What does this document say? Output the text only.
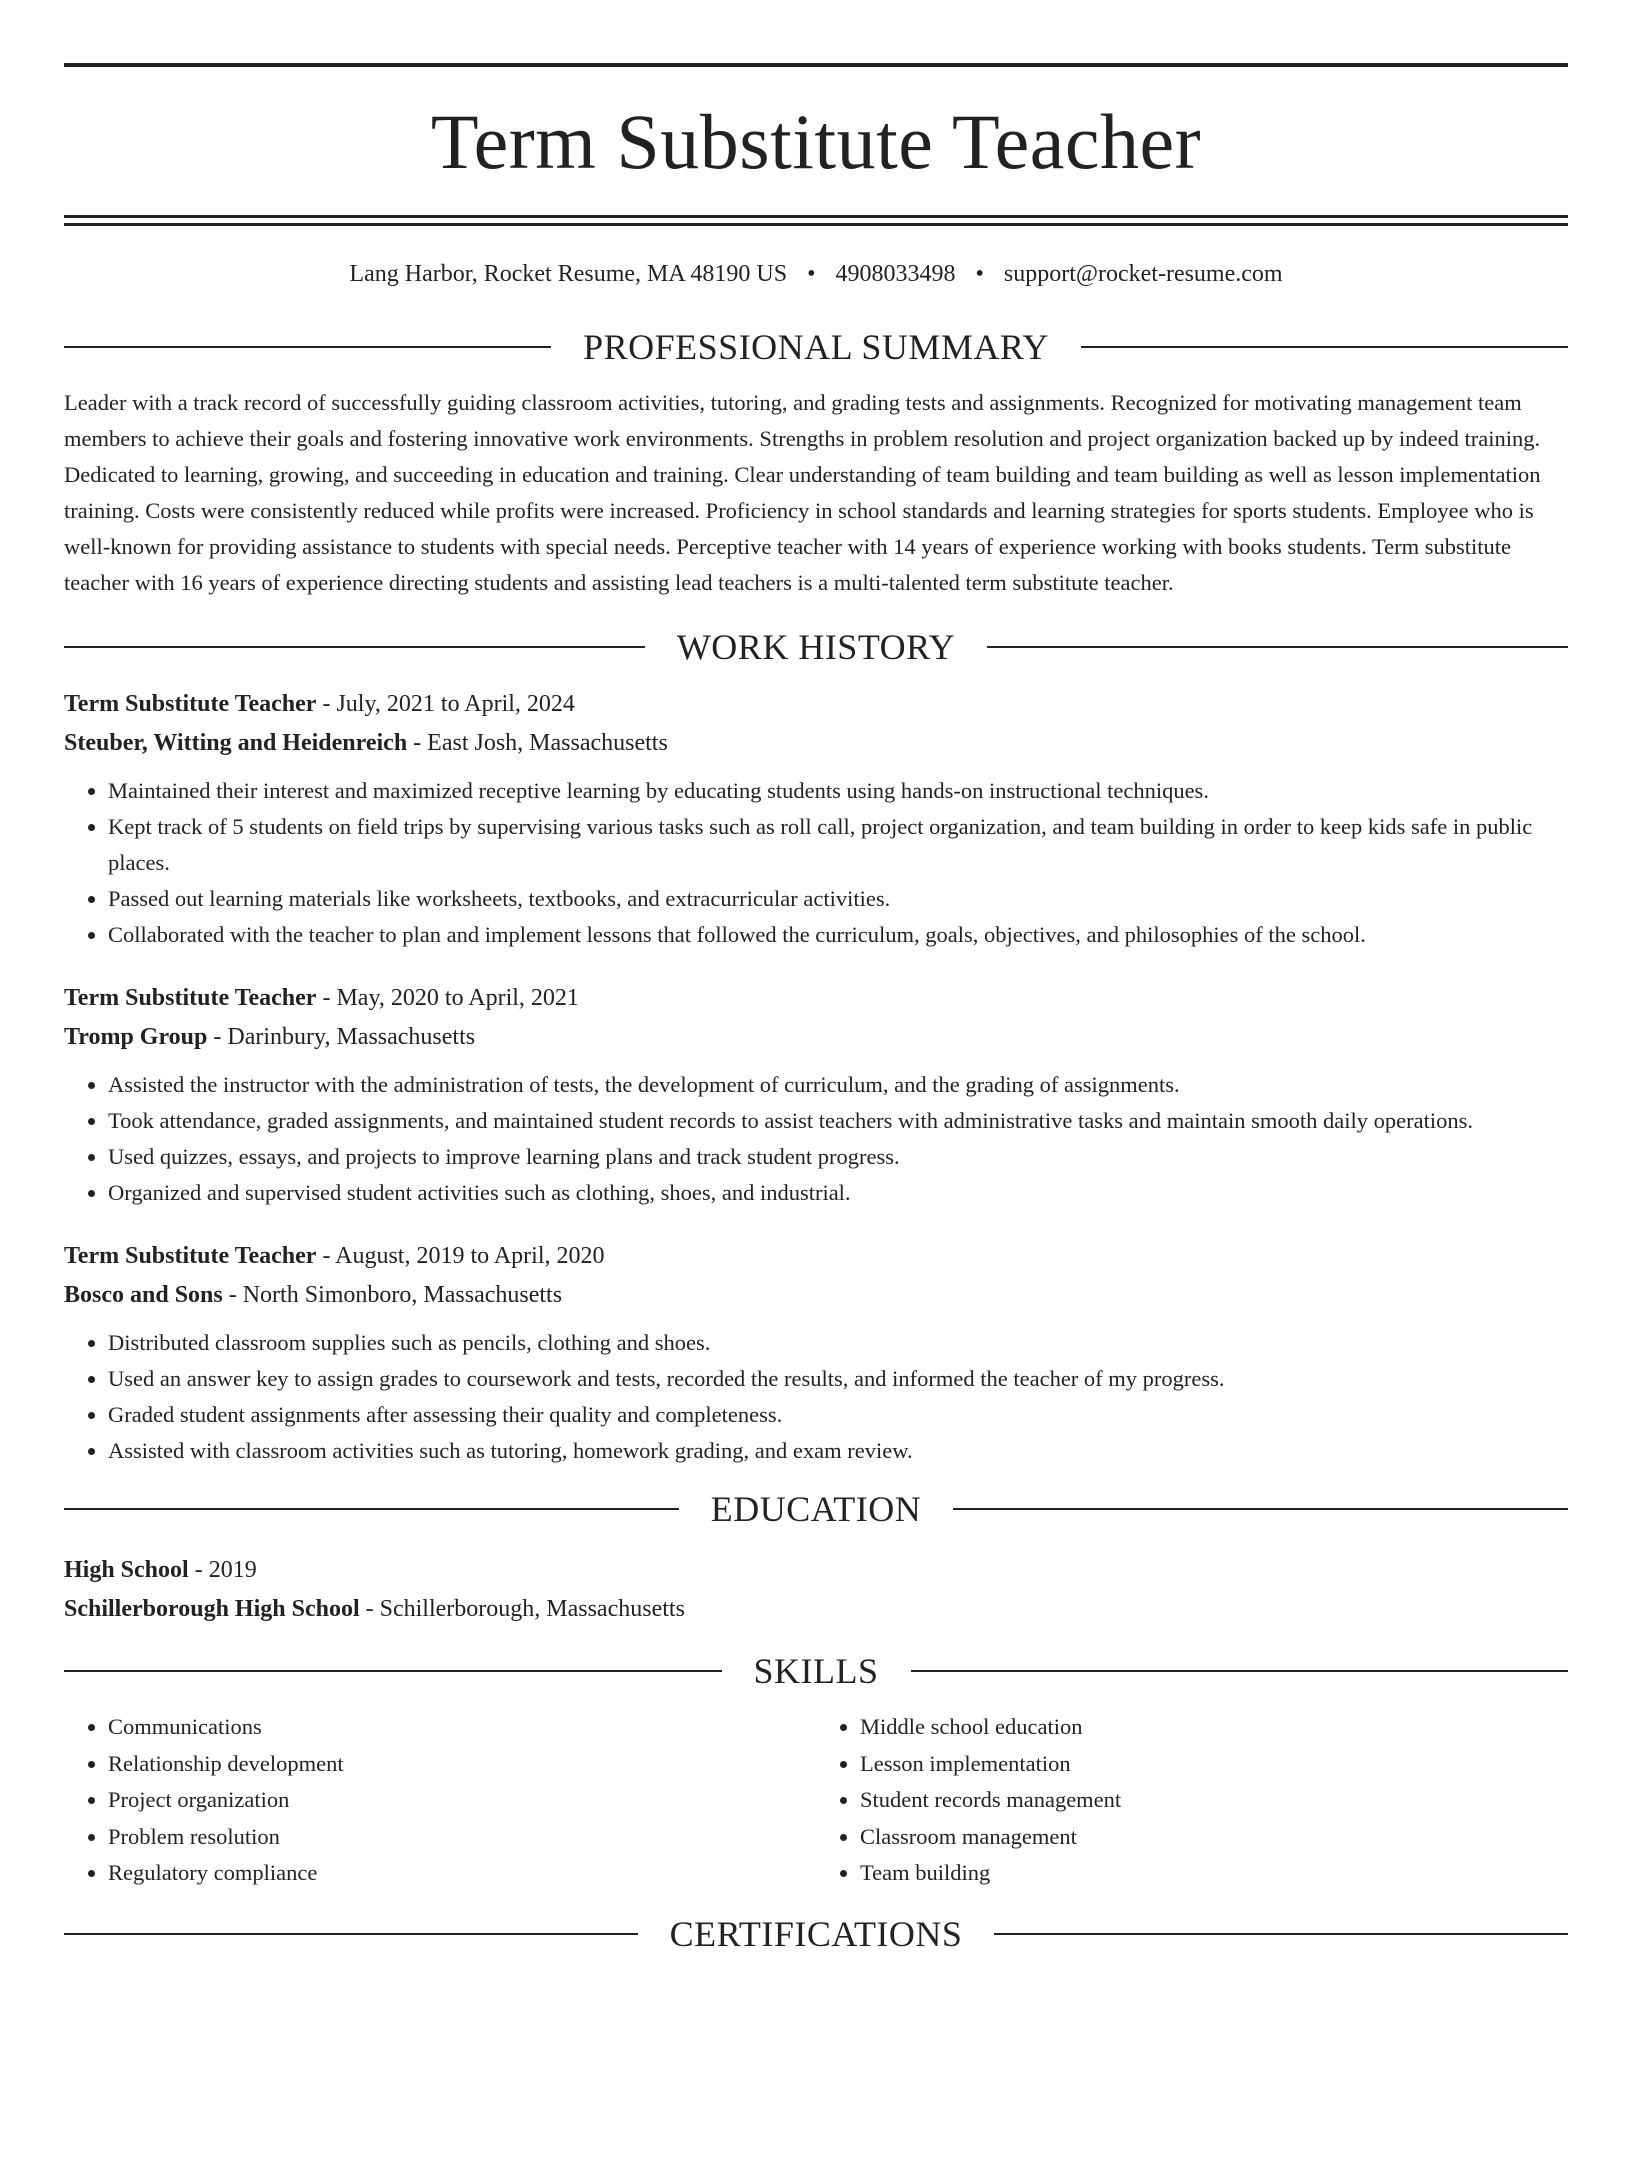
Term Substitute Teacher
Lang Harbor, Rocket Resume, MA 48190 US • 4908033498 • support@rocket-resume.com
PROFESSIONAL SUMMARY

Leader with a track record of successfully guiding classroom activities, tutoring, and grading tests and assignments. Recognized for motivating management team members to achieve their goals and fostering innovative work environments. Strengths in problem resolution and project organization backed up by indeed training. Dedicated to learning, growing, and succeeding in education and training. Clear understanding of team building and team building as well as lesson implementation training. Costs were consistently reduced while profits were increased. Proficiency in school standards and learning strategies for sports students. Employee who is well-known for providing assistance to students with special needs. Perceptive teacher with 14 years of experience working with books students. Term substitute teacher with 16 years of experience directing students and assisting lead teachers is a multi-talented term substitute teacher.

WORK HISTORY
Term Substitute Teacher - July, 2021 to April, 2024
Steuber, Witting and Heidenreich - East Josh, Massachusetts
• Maintained their interest and maximized receptive learning by educating students using hands-on instructional techniques.
• Kept track of 5 students on field trips by supervising various tasks such as roll call, project organization, and team building in order to keep kids safe in public places.
• Passed out learning materials like worksheets, textbooks, and extracurricular activities.
• Collaborated with the teacher to plan and implement lessons that followed the curriculum, goals, objectives, and philosophies of the school.
Term Substitute Teacher - May, 2020 to April, 2021
Tromp Group - Darinbury, Massachusetts
• Assisted the instructor with the administration of tests, the development of curriculum, and the grading of assignments.
• Took attendance, graded assignments, and maintained student records to assist teachers with administrative tasks and maintain smooth daily operations.
• Used quizzes, essays, and projects to improve learning plans and track student progress.
• Organized and supervised student activities such as clothing, shoes, and industrial.
Term Substitute Teacher - August, 2019 to April, 2020
Bosco and Sons - North Simonboro, Massachusetts
• Distributed classroom supplies such as pencils, clothing and shoes.
• Used an answer key to assign grades to coursework and tests, recorded the results, and informed the teacher of my progress.
• Graded student assignments after assessing their quality and completeness.
• Assisted with classroom activities such as tutoring, homework grading, and exam review.
EDUCATION
High School - 2019
Schillerborough High School - Schillerborough, Massachusetts
SKILLS
• Communications
• Relationship development
• Project organization
• Problem resolution
• Regulatory compliance
• Middle school education
• Lesson implementation
• Student records management
• Classroom management
• Team building
CERTIFICATIONS
